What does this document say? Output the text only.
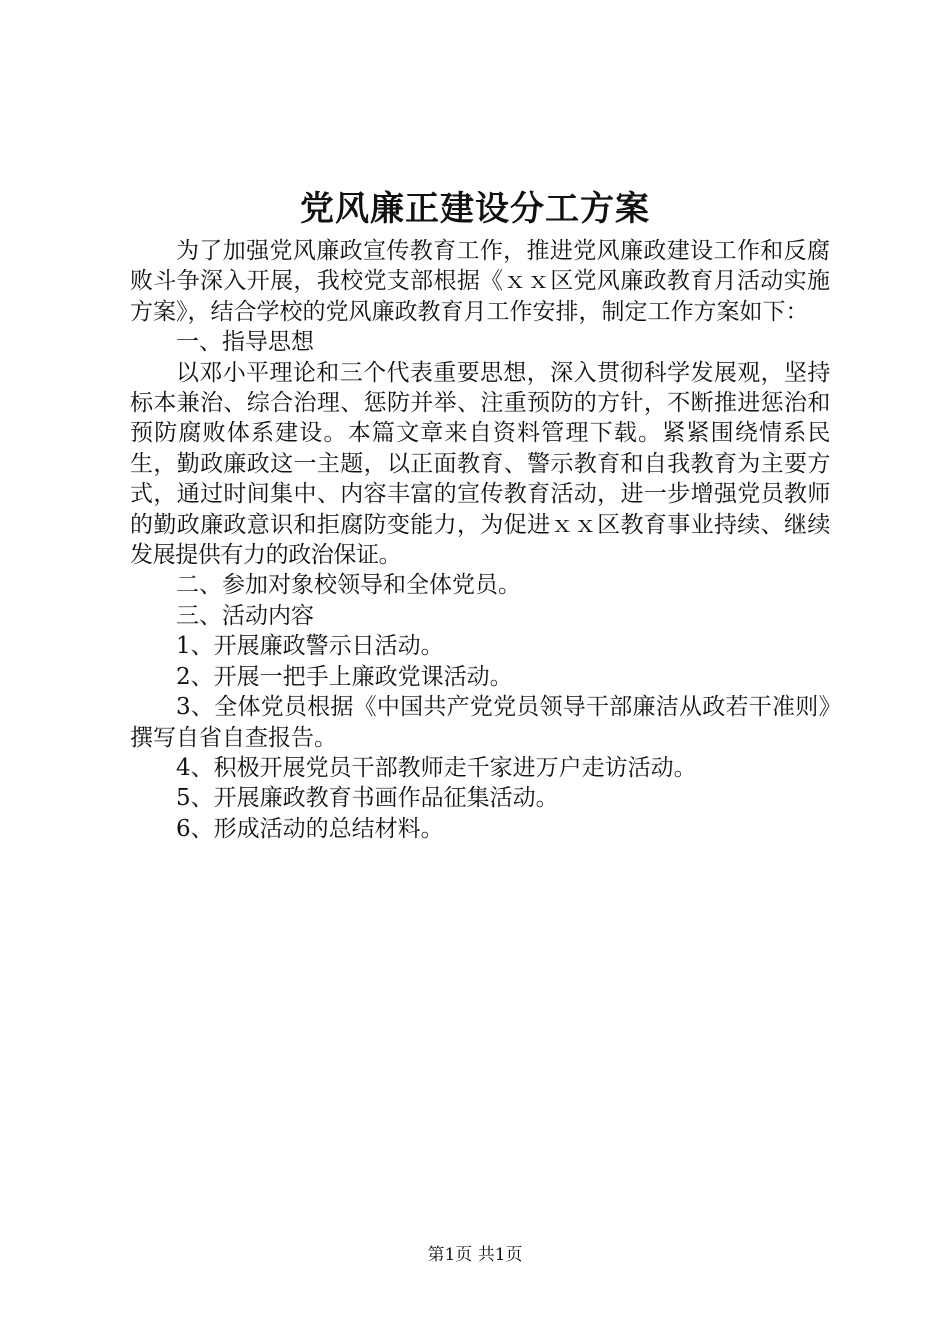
党风廉正建设分工方案

为了加强党风廉政宣传教育工作，推进党风廉政建设工作和反腐败斗争深入开展，我校党支部根据《ｘｘ区党风廉政教育月活动实施方案》，结合学校的党风廉政教育月工作安排，制定工作方案如下：

一、指导思想

以邓小平理论和三个代表重要思想，深入贯彻科学发展观，坚持标本兼治、综合治理、惩防并举、注重预防的方针，不断推进惩治和预防腐败体系建设。本篇文章来自资料管理下载。紧紧围绕情系民生，勤政廉政这一主题，以正面教育、警示教育和自我教育为主要方式，通过时间集中、内容丰富的宣传教育活动，进一步增强党员教师的勤政廉政意识和拒腐防变能力，为促进ｘｘ区教育事业持续、继续发展提供有力的政治保证。

二、参加对象校领导和全体党员。

三、活动内容

1、开展廉政警示日活动。

2、开展一把手上廉政党课活动。

3、全体党员根据《中国共产党党员领导干部廉洁从政若干准则》撰写自省自查报告。

4、积极开展党员干部教师走千家进万户走访活动。

5、开展廉政教育书画作品征集活动。

6、形成活动的总结材料。

第1页 共1页
